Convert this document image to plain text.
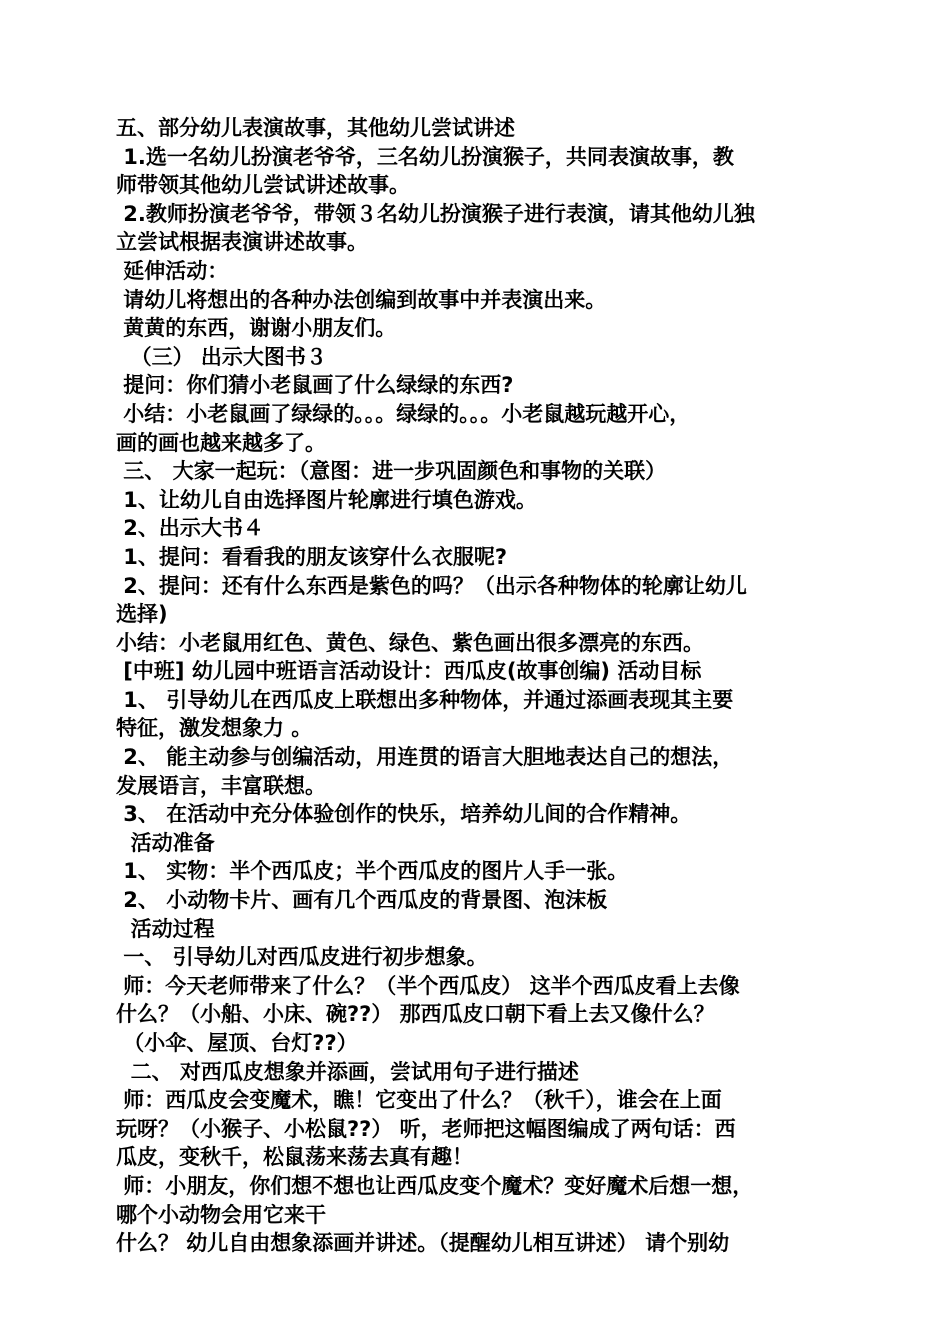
五、部分幼儿表演故事，其他幼儿尝试讲述
1.选一名幼儿扮演老爷爷，三名幼儿扮演猴子，共同表演故事，教
师带领其他幼儿尝试讲述故事。
2.教师扮演老爷爷，带领３名幼儿扮演猴子进行表演，请其他幼儿独
立尝试根据表演讲述故事。
延伸活动：
请幼儿将想出的各种办法创编到故事中并表演出来。
黄黄的东西，谢谢小朋友们。
（三） 出示大图书３
提问：你们猜小老鼠画了什么绿绿的东西?
小结：小老鼠画了绿绿的。。。绿绿的。。。小老鼠越玩越开心，
画的画也越来越多了。
三、 大家一起玩：（意图：进一步巩固颜色和事物的关联）
1、让幼儿自由选择图片轮廓进行填色游戏。
2、出示大书４
1、提问：看看我的朋友该穿什么衣服呢?
2、提问：还有什么东西是紫色的吗？（出示各种物体的轮廓让幼儿
选择)
小结：小老鼠用红色、黄色、绿色、紫色画出很多漂亮的东西。
[中班] 幼儿园中班语言活动设计：西瓜皮(故事创编) 活动目标
1、 引导幼儿在西瓜皮上联想出多种物体，并通过添画表现其主要
特征，激发想象力 。
2、 能主动参与创编活动，用连贯的语言大胆地表达自己的想法，
发展语言，丰富联想。
3、 在活动中充分体验创作的快乐，培养幼儿间的合作精神。
活动准备
1、 实物：半个西瓜皮；半个西瓜皮的图片人手一张。
2、 小动物卡片、画有几个西瓜皮的背景图、泡沫板
活动过程
一、 引导幼儿对西瓜皮进行初步想象。
师：今天老师带来了什么？（半个西瓜皮） 这半个西瓜皮看上去像
什么？（小船、小床、碗??） 那西瓜皮口朝下看上去又像什么？
（小伞、屋顶、台灯??）
二、 对西瓜皮想象并添画，尝试用句子进行描述
师：西瓜皮会变魔术，瞧！它变出了什么？（秋千），谁会在上面
玩呀？（小猴子、小松鼠??） 听，老师把这幅图编成了两句话：西
瓜皮，变秋千，松鼠荡来荡去真有趣！
师：小朋友，你们想不想也让西瓜皮变个魔术？变好魔术后想一想，
哪个小动物会用它来干
什么？ 幼儿自由想象添画并讲述。（提醒幼儿相互讲述） 请个别幼
